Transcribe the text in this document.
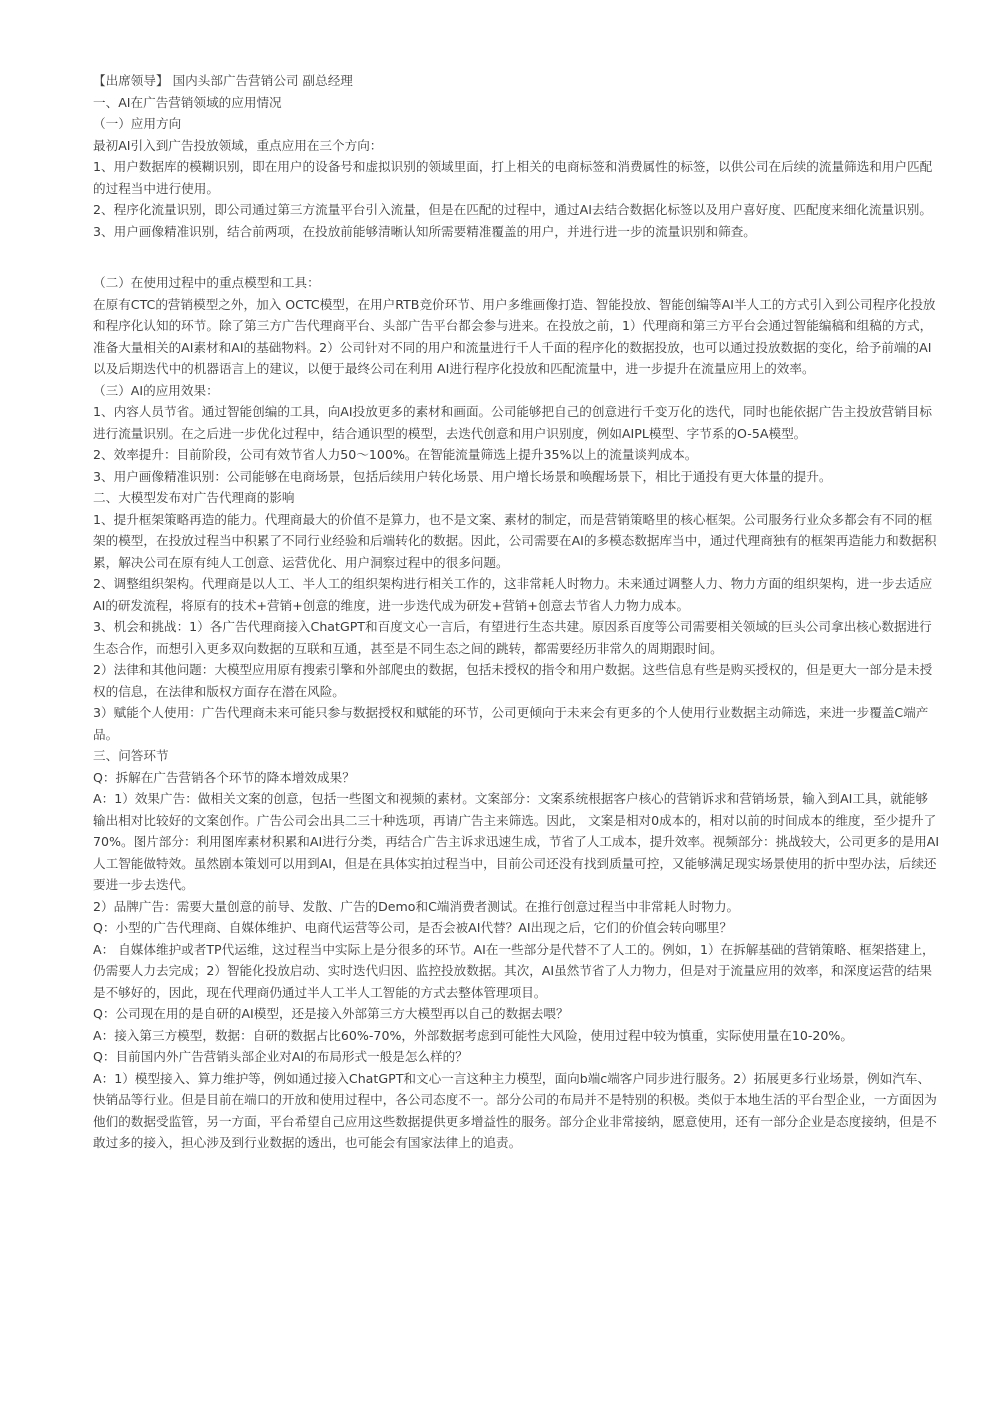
【出席领导】 国内头部广告营销公司 副总经理

一、AI在广告营销领域的应用情况

（一）应用方向

最初AI引入到广告投放领域，重点应用在三个方向：

1、用户数据库的模糊识别，即在用户的设备号和虚拟识别的领域里面，打上相关的电商标签和消费属性的标签，以供公司在后续的流量筛选和用户匹配的过程当中进行使用。

2、程序化流量识别，即公司通过第三方流量平台引入流量，但是在匹配的过程中，通过AI去结合数据化标签以及用户喜好度、匹配度来细化流量识别。

3、用户画像精准识别，结合前两项，在投放前能够清晰认知所需要精准覆盖的用户，并进行进一步的流量识别和筛查。

（二）在使用过程中的重点模型和工具：

在原有CTC的营销模型之外，加入 OCTC模型，在用户RTB竞价环节、用户多维画像打造、智能投放、智能创编等AI半人工的方式引入到公司程序化投放和程序化认知的环节。除了第三方广告代理商平台、头部广告平台都会参与进来。在投放之前，1）代理商和第三方平台会通过智能编稿和组稿的方式，准备大量相关的AI素材和AI的基础物料。2）公司针对不同的用户和流量进行千人千面的程序化的数据投放，也可以通过投放数据的变化，给予前端的AI以及后期迭代中的机器语言上的建议，以便于最终公司在利用 AI进行程序化投放和匹配流量中，进一步提升在流量应用上的效率。

（三）AI的应用效果：

1、内容人员节省。通过智能创编的工具，向AI投放更多的素材和画面。公司能够把自己的创意进行千变万化的迭代，同时也能依据广告主投放营销目标进行流量识别。在之后进一步优化过程中，结合通识型的模型，去迭代创意和用户识别度，例如AIPL模型、字节系的O-5A模型。

2、效率提升：目前阶段，公司有效节省人力50～100%。在智能流量筛选上提升35%以上的流量谈判成本。

3、用户画像精准识别：公司能够在电商场景，包括后续用户转化场景、用户增长场景和唤醒场景下，相比于通投有更大体量的提升。

二、大模型发布对广告代理商的影响

1、提升框架策略再造的能力。代理商最大的价值不是算力，也不是文案、素材的制定，而是营销策略里的核心框架。公司服务行业众多都会有不同的框架的模型，在投放过程当中积累了不同行业经验和后端转化的数据。因此，公司需要在AI的多模态数据库当中，通过代理商独有的框架再造能力和数据积累，解决公司在原有纯人工创意、运营优化、用户洞察过程中的很多问题。

2、调整组织架构。代理商是以人工、半人工的组织架构进行相关工作的，这非常耗人时物力。未来通过调整人力、物力方面的组织架构，进一步去适应AI的研发流程，将原有的技术+营销+创意的维度，进一步迭代成为研发+营销+创意去节省人力物力成本。

3、机会和挑战：1）各广告代理商接入ChatGPT和百度文心一言后，有望进行生态共建。原因系百度等公司需要相关领域的巨头公司拿出核心数据进行生态合作，而想引入更多双向数据的互联和互通，甚至是不同生态之间的跳转，都需要经历非常久的周期跟时间。

2）法律和其他问题：大模型应用原有搜索引擎和外部爬虫的数据，包括未授权的指令和用户数据。这些信息有些是购买授权的，但是更大一部分是未授权的信息，在法律和版权方面存在潜在风险。

3）赋能个人使用：广告代理商未来可能只参与数据授权和赋能的环节，公司更倾向于未来会有更多的个人使用行业数据主动筛选，来进一步覆盖C端产品。

三、问答环节

Q：拆解在广告营销各个环节的降本增效成果？

A：1）效果广告：做相关文案的创意，包括一些图文和视频的素材。文案部分：文案系统根据客户核心的营销诉求和营销场景，输入到AI工具，就能够输出相对比较好的文案创作。广告公司会出具二三十种选项，再请广告主来筛选。因此， 文案是相对0成本的，相对以前的时间成本的维度，至少提升了70%。图片部分：利用图库素材积累和AI进行分类，再结合广告主诉求迅速生成，节省了人工成本，提升效率。视频部分：挑战较大，公司更多的是用AI人工智能做特效。虽然剧本策划可以用到AI，但是在具体实拍过程当中，目前公司还没有找到质量可控，又能够满足现实场景使用的折中型办法，后续还要进一步去迭代。

2）品牌广告：需要大量创意的前导、发散、广告的Demo和C端消费者测试。在推行创意过程当中非常耗人时物力。

Q：小型的广告代理商、自媒体维护、电商代运营等公司，是否会被AI代替？AI出现之后，它们的价值会转向哪里？

A： 自媒体维护或者TP代运维，这过程当中实际上是分很多的环节。AI在一些部分是代替不了人工的。例如，1）在拆解基础的营销策略、框架搭建上，仍需要人力去完成；2）智能化投放启动、实时迭代归因、监控投放数据。其次，AI虽然节省了人力物力，但是对于流量应用的效率，和深度运营的结果是不够好的，因此，现在代理商仍通过半人工半人工智能的方式去整体管理项目。

Q：公司现在用的是自研的AI模型，还是接入外部第三方大模型再以自己的数据去喂？

A：接入第三方模型，数据：自研的数据占比60%-70%，外部数据考虑到可能性大风险，使用过程中较为慎重，实际使用量在10-20%。

Q：目前国内外广告营销头部企业对AI的布局形式一般是怎么样的？

A：1）模型接入、算力维护等，例如通过接入ChatGPT和文心一言这种主力模型，面向b端c端客户同步进行服务。2）拓展更多行业场景，例如汽车、快销品等行业。但是目前在端口的开放和使用过程中，各公司态度不一。部分公司的布局并不是特别的积极。类似于本地生活的平台型企业，一方面因为他们的数据受监管，另一方面，平台希望自己应用这些数据提供更多增益性的服务。部分企业非常接纳，愿意使用，还有一部分企业是态度接纳，但是不敢过多的接入，担心涉及到行业数据的透出，也可能会有国家法律上的追责。
